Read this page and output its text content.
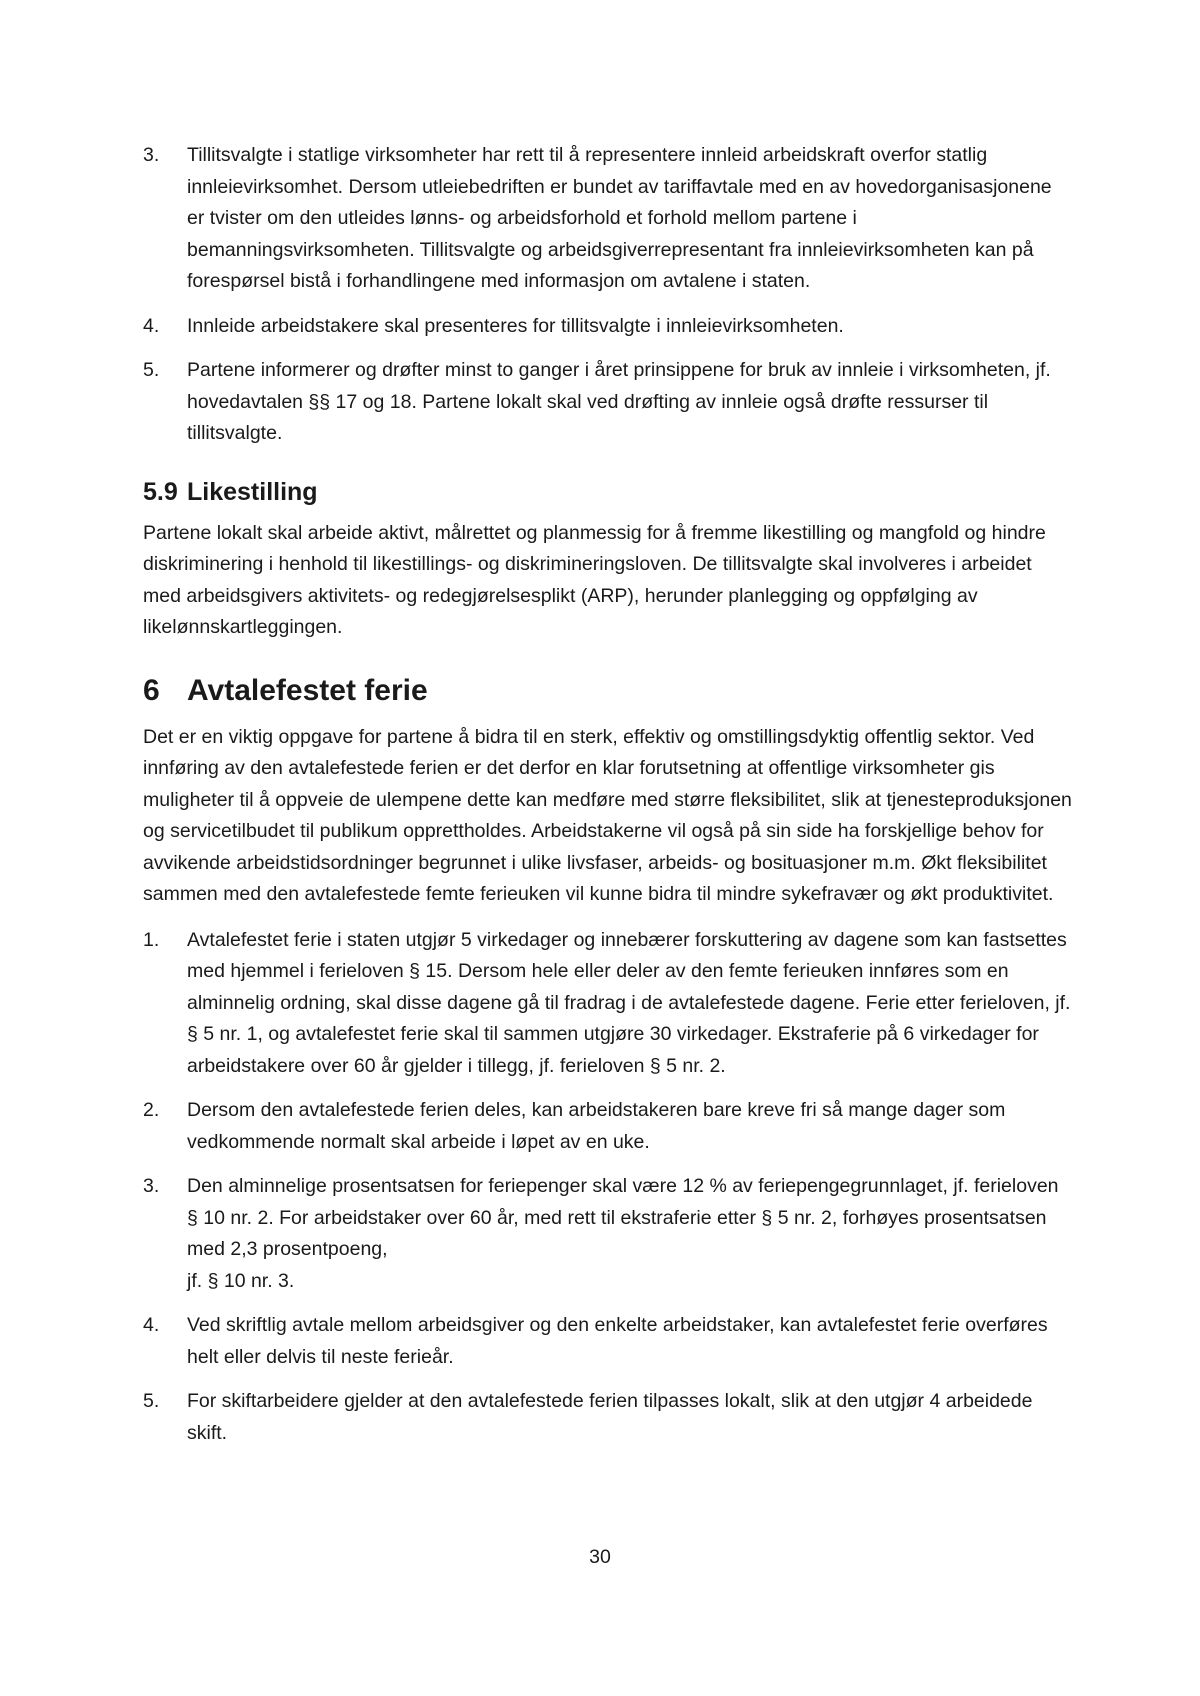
3.	Tillitsvalgte i statlige virksomheter har rett til å representere innleid arbeidskraft overfor statlig innleievirksomhet. Dersom utleiebedriften er bundet av tariffavtale med en av hovedorganisasjonene er tvister om den utleides lønns- og arbeidsforhold et forhold mellom partene i bemanningsvirksomheten. Tillitsvalgte og arbeidsgiverrepresentant fra innleievirksomheten kan på forespørsel bistå i forhandlingene med informasjon om avtalene i staten.
4.	Innleide arbeidstakere skal presenteres for tillitsvalgte i innleievirksomheten.
5.	Partene informerer og drøfter minst to ganger i året prinsippene for bruk av innleie i virksomheten, jf. hovedavtalen §§ 17 og 18. Partene lokalt skal ved drøfting av innleie også drøfte ressurser til tillitsvalgte.
5.9 Likestilling

Partene lokalt skal arbeide aktivt, målrettet og planmessig for å fremme likestilling og mangfold og hindre diskriminering i henhold til likestillings- og diskrimineringsloven. De tillitsvalgte skal involveres i arbeidet med arbeidsgivers aktivitets- og redegjørelsesplikt (ARP), herunder planlegging og oppfølging av likelønnskartleggingen.

6 Avtalefestet ferie

Det er en viktig oppgave for partene å bidra til en sterk, effektiv og omstillingsdyktig offentlig sektor. Ved innføring av den avtalefestede ferien er det derfor en klar forutsetning at offentlige virksomheter gis muligheter til å oppveie de ulempene dette kan medføre med større fleksibilitet, slik at tjenesteproduksjonen og servicetilbudet til publikum opprettholdes. Arbeidstakerne vil også på sin side ha forskjellige behov for avvikende arbeidstidsordninger begrunnet i ulike livsfaser, arbeids- og bosituasjoner m.m. Økt fleksibilitet sammen med den avtalefestede femte ferieuken vil kunne bidra til mindre sykefravær og økt produktivitet.

1.	Avtalefestet ferie i staten utgjør 5 virkedager og innebærer forskuttering av dagene som kan fastsettes med hjemmel i ferieloven § 15. Dersom hele eller deler av den femte ferieuken innføres som en alminnelig ordning, skal disse dagene gå til fradrag i de avtalefestede dagene. Ferie etter ferieloven, jf. § 5 nr. 1, og avtalefestet ferie skal til sammen utgjøre 30 virkedager. Ekstraferie på 6 virkedager for arbeidstakere over 60 år gjelder i tillegg, jf. ferieloven § 5 nr. 2.
2.	Dersom den avtalefestede ferien deles, kan arbeidstakeren bare kreve fri så mange dager som vedkommende normalt skal arbeide i løpet av en uke.
3.	Den alminnelige prosentsatsen for feriepenger skal være 12 % av feriepengegrunnlaget, jf. ferieloven § 10 nr. 2. For arbeidstaker over 60 år, med rett til ekstraferie etter § 5 nr. 2, forhøyes prosentsatsen med 2,3 prosentpoeng,
jf. § 10 nr. 3.
4.	Ved skriftlig avtale mellom arbeidsgiver og den enkelte arbeidstaker, kan avtalefestet ferie overføres helt eller delvis til neste ferieår.
5.	For skiftarbeidere gjelder at den avtalefestede ferien tilpasses lokalt, slik at den utgjør 4 arbeidede skift.
30
